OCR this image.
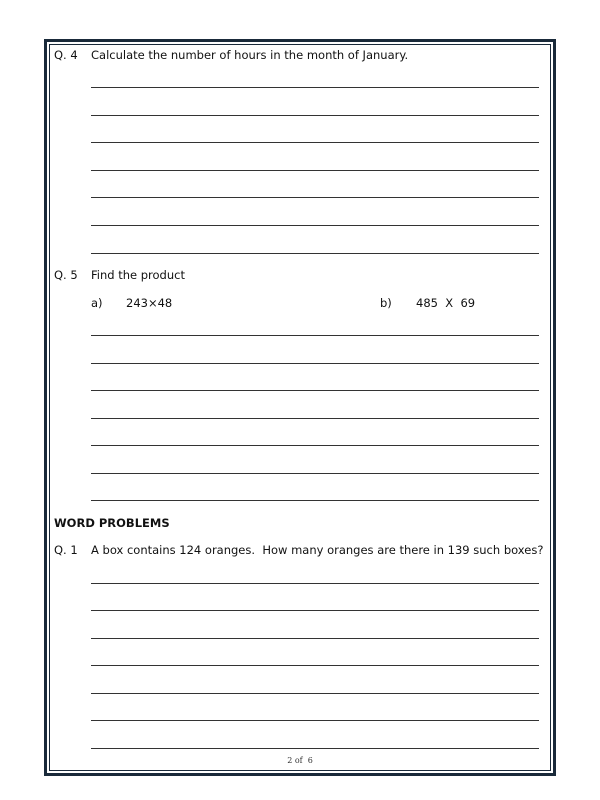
Q. 4 Calculate the number of hours in the month of January.
Q. 5 Find the product
a) 243×48	b) 485  X  69
WORD PROBLEMS
Q. 1 A box contains 124 oranges.  How many oranges are there in 139 such boxes?
2 of  6
